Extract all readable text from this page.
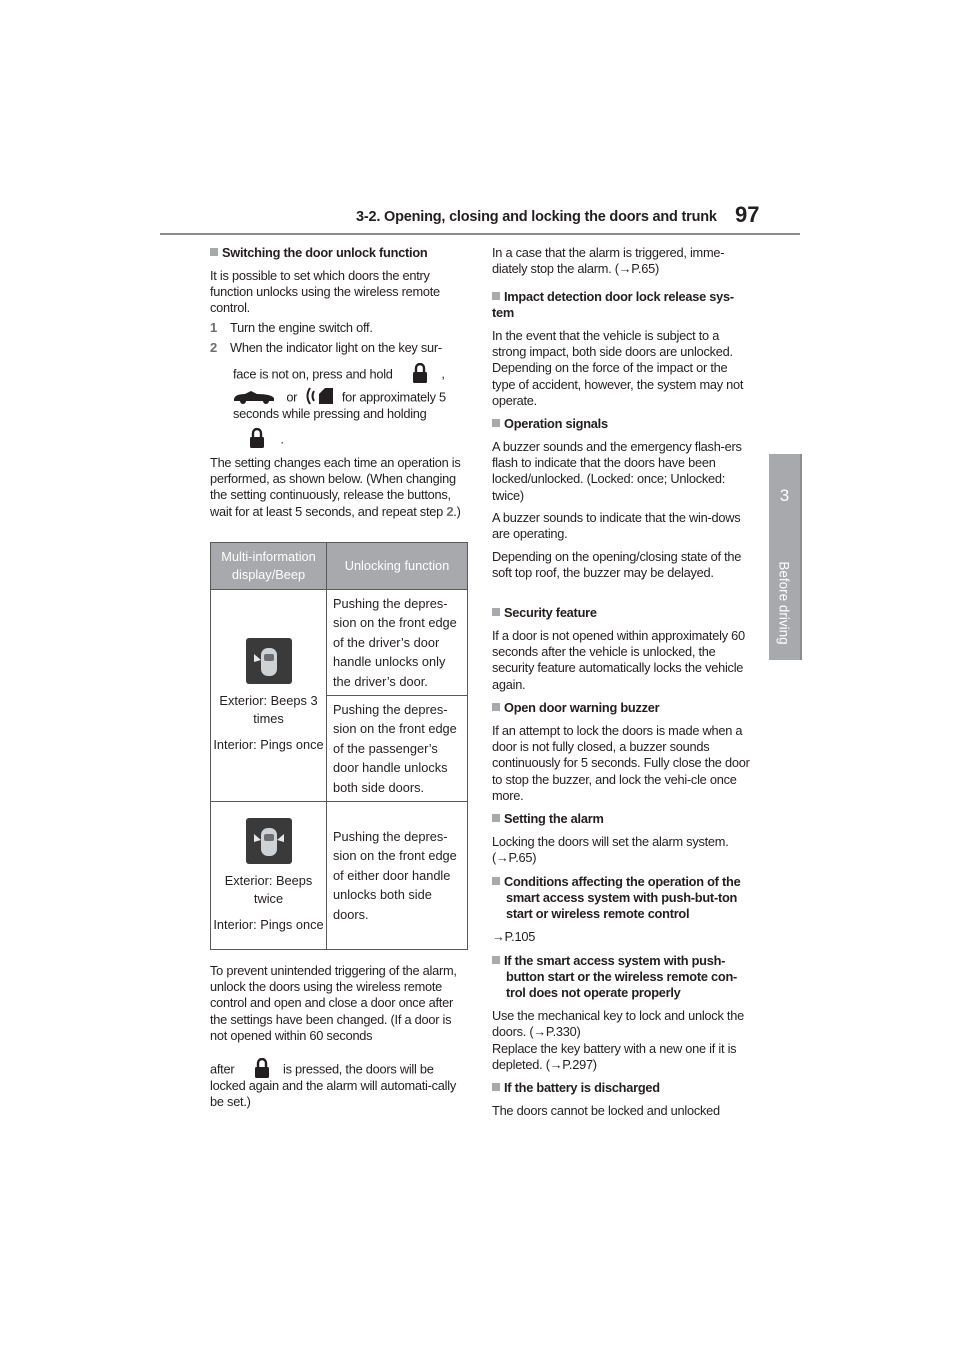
3-2. Opening, closing and locking the doors and trunk 97
3
Before driving
Switching the door unlock function
It is possible to set which doors the entry function unlocks using the wireless remote control.
1 Turn the engine switch off.
2 When the indicator light on the key sur-
face is not on, press and hold	,
or	for approximately 5
seconds while pressing and holding
.
The setting changes each time an operation is performed, as shown below. (When changing the setting continuously, release the buttons, wait for at least 5 seconds, and repeat step 2.)
Multi-information display/Beep	Unlocking function

Exterior: Beeps 3 times
Interior: Pings once	Pushing the depres-sion on the front edge of the driver’s door handle unlocks only the driver’s door.
	Pushing the depres-sion on the front edge of the passenger’s door handle unlocks both side doors.

Exterior: Beeps twice
Interior: Pings once	Pushing the depres-sion on the front edge of either door handle unlocks both side doors.
To prevent unintended triggering of the alarm, unlock the doors using the wireless remote control and open and close a door once after the settings have been changed. (If a door is not opened within 60 seconds
after	is pressed, the doors will be
locked again and the alarm will automati-cally be set.)
In a case that the alarm is triggered, imme-diately stop the alarm. (→P.65)
Impact detection door lock release sys-tem
In the event that the vehicle is subject to a strong impact, both side doors are unlocked. Depending on the force of the impact or the type of accident, however, the system may not operate.
Operation signals
A buzzer sounds and the emergency flash-ers flash to indicate that the doors have been locked/unlocked. (Locked: once; Unlocked: twice)
A buzzer sounds to indicate that the win-dows are operating.
Depending on the opening/closing state of the soft top roof, the buzzer may be delayed.
Security feature
If a door is not opened within approximately 60 seconds after the vehicle is unlocked, the security feature automatically locks the vehicle again.
Open door warning buzzer
If an attempt to lock the doors is made when a door is not fully closed, a buzzer sounds continuously for 5 seconds. Fully close the door to stop the buzzer, and lock the vehi-cle once more.
Setting the alarm
Locking the doors will set the alarm system. (→P.65)
Conditions affecting the operation of the smart access system with push-but-ton start or wireless remote control
→P.105
If the smart access system with push-button start or the wireless remote con-trol does not operate properly
Use the mechanical key to lock and unlock the doors. (→P.330)
Replace the key battery with a new one if it is depleted. (→P.297)
If the battery is discharged
The doors cannot be locked and unlocked
